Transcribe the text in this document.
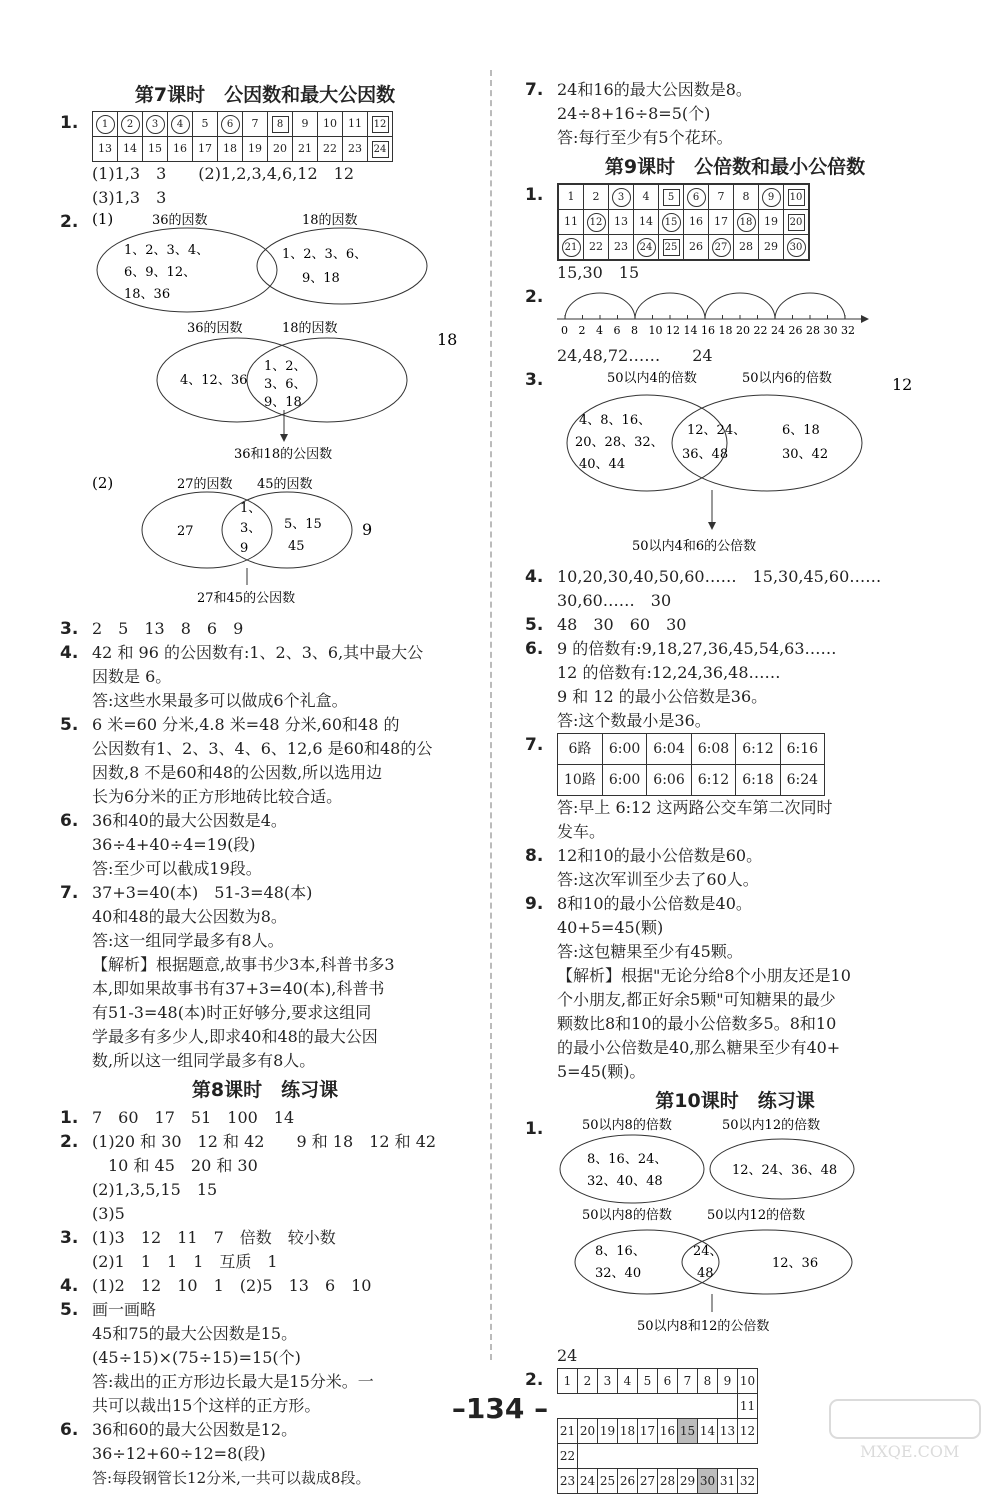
第7课时　公因数和最大公因数
1.	1	2	3	4	5	6	7	8	9	10	11	12
13	14	15	16	17	18	19	20	21	22	23	24
(1)1,3　3　　(2)1,2,3,4,6,12　12
(3)1,3　3
2. (1)	36的因数	18的因数
1、2、3、4、
6、9、12、
18、36
1、2、3、6、
9、18
36的因数	18的因数
18
4、12、36
1、2、
3、6、
9、18
36和18的公因数
(2)	27的因数 45的因数
27
1、
3、
9
5、15
45
9
27和45的公因数
3. 2　5　13　8　6　9
4. 42 和 96 的公因数有:1、2、3、6,其中最大公
因数是 6。
答:这些水果最多可以做成6个礼盒。
5. 6 米=60 分米,4.8 米=48 分米,60和48 的
公因数有1、2、3、4、6、12,6 是60和48的公
因数,8 不是60和48的公因数,所以选用边
长为6分米的正方形地砖比较合适。
6. 36和40的最大公因数是4。
36÷4+40÷4=19(段)
答:至少可以截成19段。
7. 37+3=40(本)　51-3=48(本)
40和48的最大公因数为8。
答:这一组同学最多有8人。
【解析】根据题意,故事书少3本,科普书多3
本,即如果故事书有37+3=40(本),科普书
有51-3=48(本)时正好够分,要求这组同
学最多有多少人,即求40和48的最大公因
数,所以这一组同学最多有8人。
第8课时　练习课
1. 7　60　17　51　100　14
2. (1)20 和 30　12 和 42　　9 和 18　12 和 42
　10 和 45　20 和 30
(2)1,3,5,15　15
(3)5
3. (1)3　12　11　7　倍数　较小数
(2)1　1　1　1　互质　1
4. (1)2　12　10　1　(2)5　13　6　10
5. 画一画略
45和75的最大公因数是15。
(45÷15)×(75÷15)=15(个)
答:裁出的正方形边长最大是15分米。一
共可以裁出15个这样的正方形。
6. 36和60的最大公因数是12。
36÷12+60÷12=8(段)
答:每段钢管长12分米,一共可以裁成8段。
7. 24和16的最大公因数是8。
24÷8+16÷8=5(个)
答:每行至少有5个花环。
第9课时　公倍数和最小公倍数
1.	1	2	3	4	5	6	7	8	9	10
11	12	13	14	15	16	17	18	19	20
21	22	23	24	25	26	27	28	29	30
15,30　15
2.
0 2 4 6 8 10 12 14 16 18 20 22 24 26 28 30 32
24,48,72……　　24
3.	50以内4的倍数	50以内6的倍数	12
4、8、16、
20、28、32、
40、44
12、24、
36、48
6、18
30、42
50以内4和6的公倍数
4. 10,20,30,40,50,60……　15,30,45,60……
30,60……　30
5. 48　30　60　30
6. 9 的倍数有:9,18,27,36,45,54,63……
12 的倍数有:12,24,36,48……
9 和 12 的最小公倍数是36。
答:这个数最小是36。
7.	6路	6:00	6:04	6:08	6:12	6:16
10路	6:00	6:06	6:12	6:18	6:24
答:早上 6:12 这两路公交车第二次同时
发车。
8. 12和10的最小公倍数是60。
答:这次军训至少去了60人。
9. 8和10的最小公倍数是40。
40+5=45(颗)
答:这包糖果至少有45颗。
【解析】根据"无论分给8个小朋友还是10
个小朋友,都正好余5颗"可知糖果的最少
颗数比8和10的最小公倍数多5。8和10
的最小公倍数是40,那么糖果至少有40+
5=45(颗)。
第10课时　练习课
1.	50以内8的倍数	50以内12的倍数
8、16、24、
32、40、48
12、24、36、48
50以内8的倍数	50以内12的倍数
8、16、
32、40
24、
48
12、36
50以内8和12的公倍数
24
2.	1	2	3	4	5	6	7	8	9	10
									11
21	20	19	18	17	16	15	14	13	12
22									
23	24	25	26	27	28	29	30	31	32
–134 –
MXQE.COM
